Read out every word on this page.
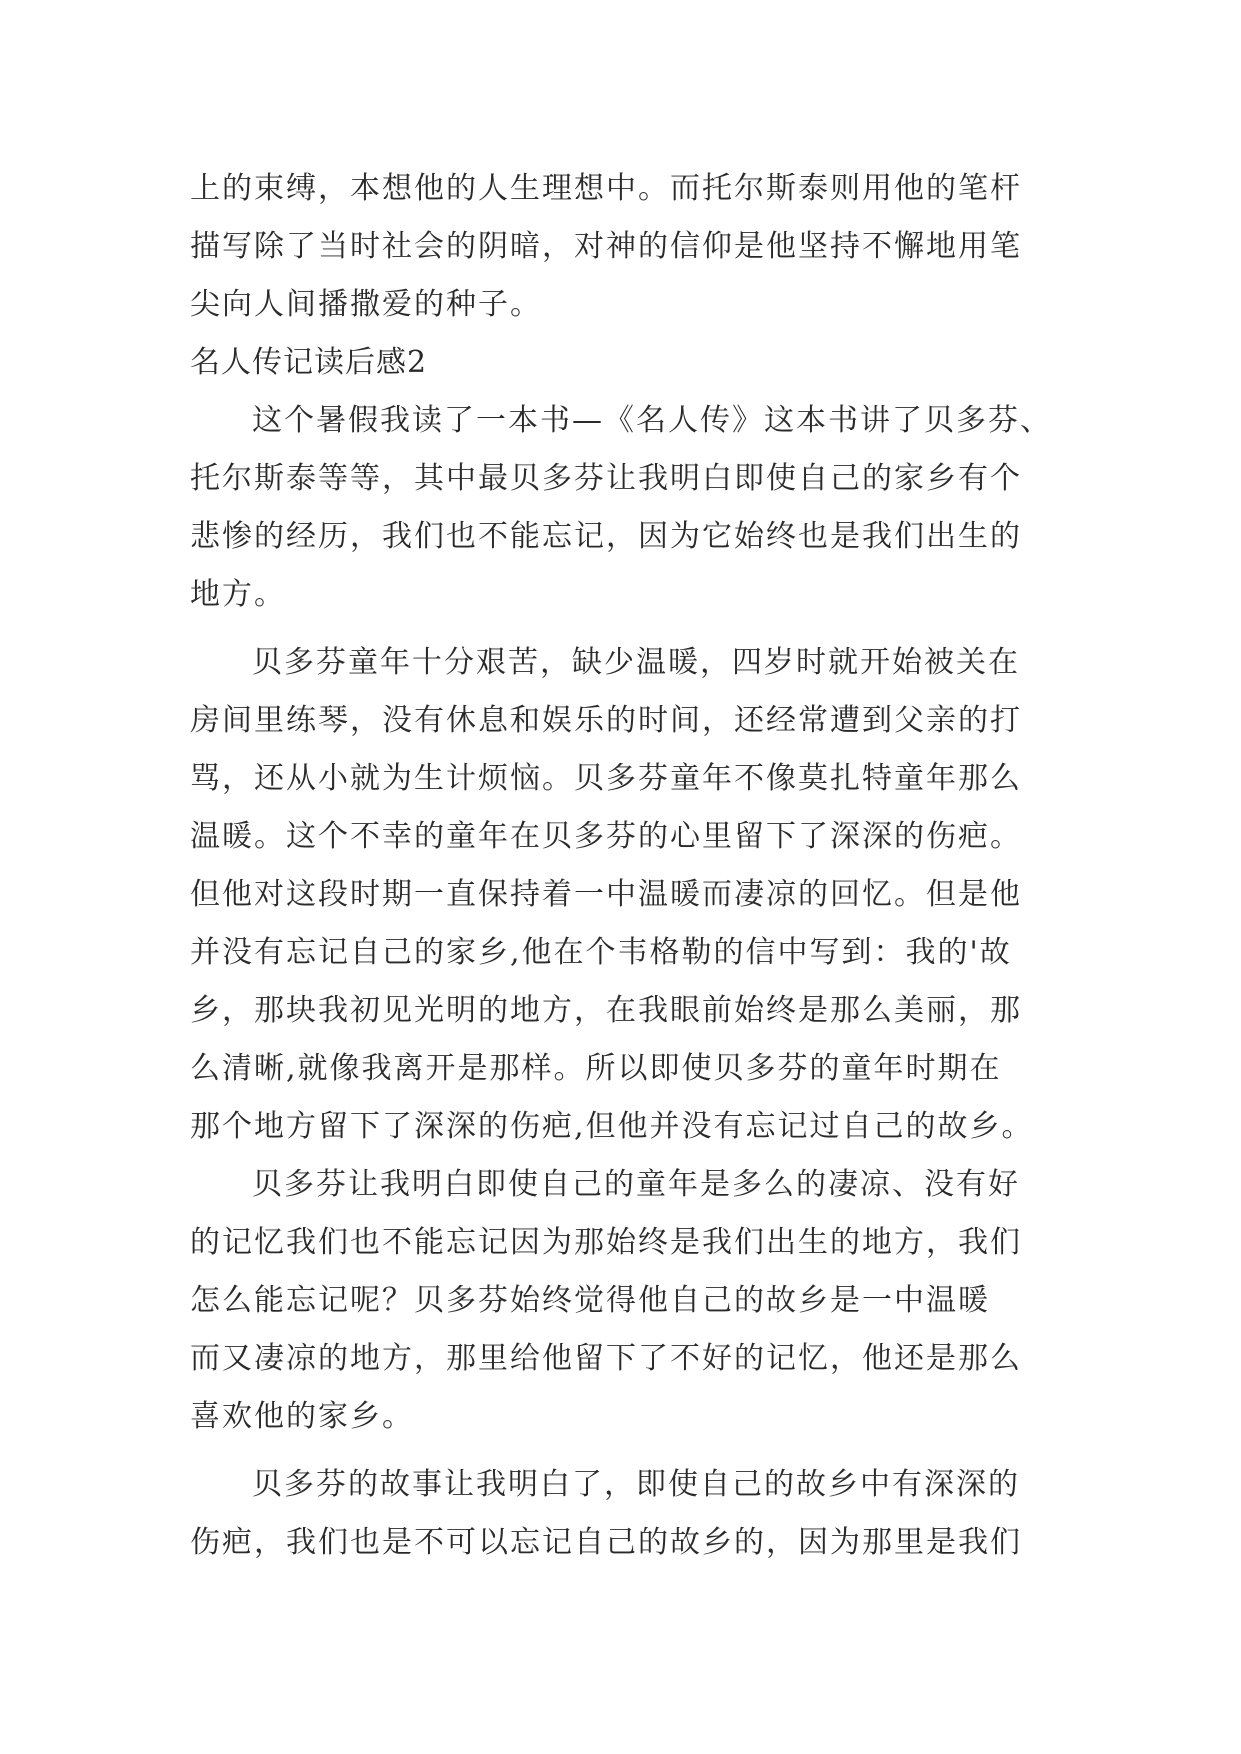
上的束缚，本想他的人生理想中。而托尔斯泰则用他的笔杆
描写除了当时社会的阴暗，对神的信仰是他坚持不懈地用笔
尖向人间播撒爱的种子。
名人传记读后感2
这个暑假我读了一本书—《名人传》这本书讲了贝多芬、
托尔斯泰等等，其中最贝多芬让我明白即使自己的家乡有个
悲惨的经历，我们也不能忘记，因为它始终也是我们出生的
地方。
贝多芬童年十分艰苦，缺少温暖，四岁时就开始被关在
房间里练琴，没有休息和娱乐的时间，还经常遭到父亲的打
骂，还从小就为生计烦恼。贝多芬童年不像莫扎特童年那么
温暖。这个不幸的童年在贝多芬的心里留下了深深的伤疤。
但他对这段时期一直保持着一中温暖而凄凉的回忆。但是他
并没有忘记自己的家乡,他在个韦格勒的信中写到：我的'故
乡，那块我初见光明的地方，在我眼前始终是那么美丽，那
么清晰,就像我离开是那样。所以即使贝多芬的童年时期在
那个地方留下了深深的伤疤,但他并没有忘记过自己的故乡。
贝多芬让我明白即使自己的童年是多么的凄凉、没有好
的记忆我们也不能忘记因为那始终是我们出生的地方，我们
怎么能忘记呢？贝多芬始终觉得他自己的故乡是一中温暖
而又凄凉的地方，那里给他留下了不好的记忆，他还是那么
喜欢他的家乡。
贝多芬的故事让我明白了，即使自己的故乡中有深深的
伤疤，我们也是不可以忘记自己的故乡的，因为那里是我们
